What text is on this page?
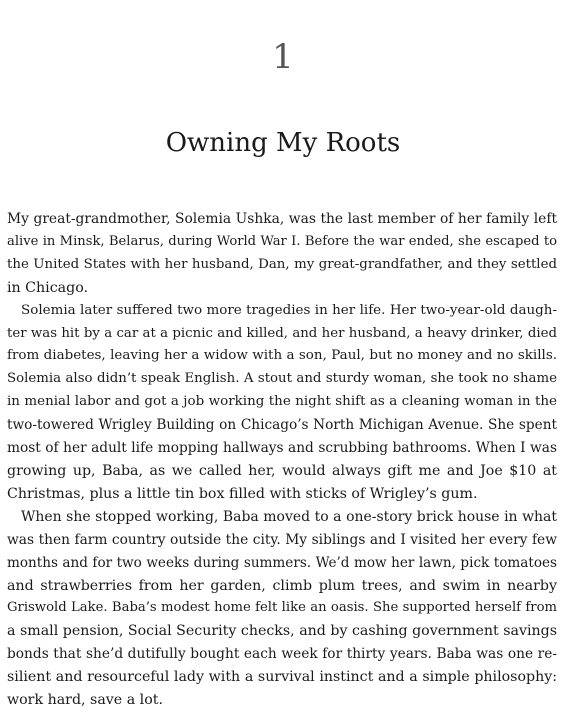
1
Owning My Roots

My great-grandmother, Solemia Ushka, was the last member of her family left
alive in Minsk, Belarus, during World War I. Before the war ended, she escaped to
the United States with her husband, Dan, my great-grandfather, and they settled
in Chicago.

Solemia later suffered two more tragedies in her life. Her two-year-old daugh-
ter was hit by a car at a picnic and killed, and her husband, a heavy drinker, died
from diabetes, leaving her a widow with a son, Paul, but no money and no skills.
Solemia also didn’t speak English. A stout and sturdy woman, she took no shame
in menial labor and got a job working the night shift as a cleaning woman in the
two-towered Wrigley Building on Chicago’s North Michigan Avenue. She spent
most of her adult life mopping hallways and scrubbing bathrooms. When I was
growing up, Baba, as we called her, would always gift me and Joe $10 at
Christmas, plus a little tin box filled with sticks of Wrigley’s gum.

When she stopped working, Baba moved to a one-story brick house in what
was then farm country outside the city. My siblings and I visited her every few
months and for two weeks during summers. We’d mow her lawn, pick tomatoes
and strawberries from her garden, climb plum trees, and swim in nearby
Griswold Lake. Baba’s modest home felt like an oasis. She supported herself from
a small pension, Social Security checks, and by cashing government savings
bonds that she’d dutifully bought each week for thirty years. Baba was one re-
silient and resourceful lady with a survival instinct and a simple philosophy:
work hard, save a lot.
